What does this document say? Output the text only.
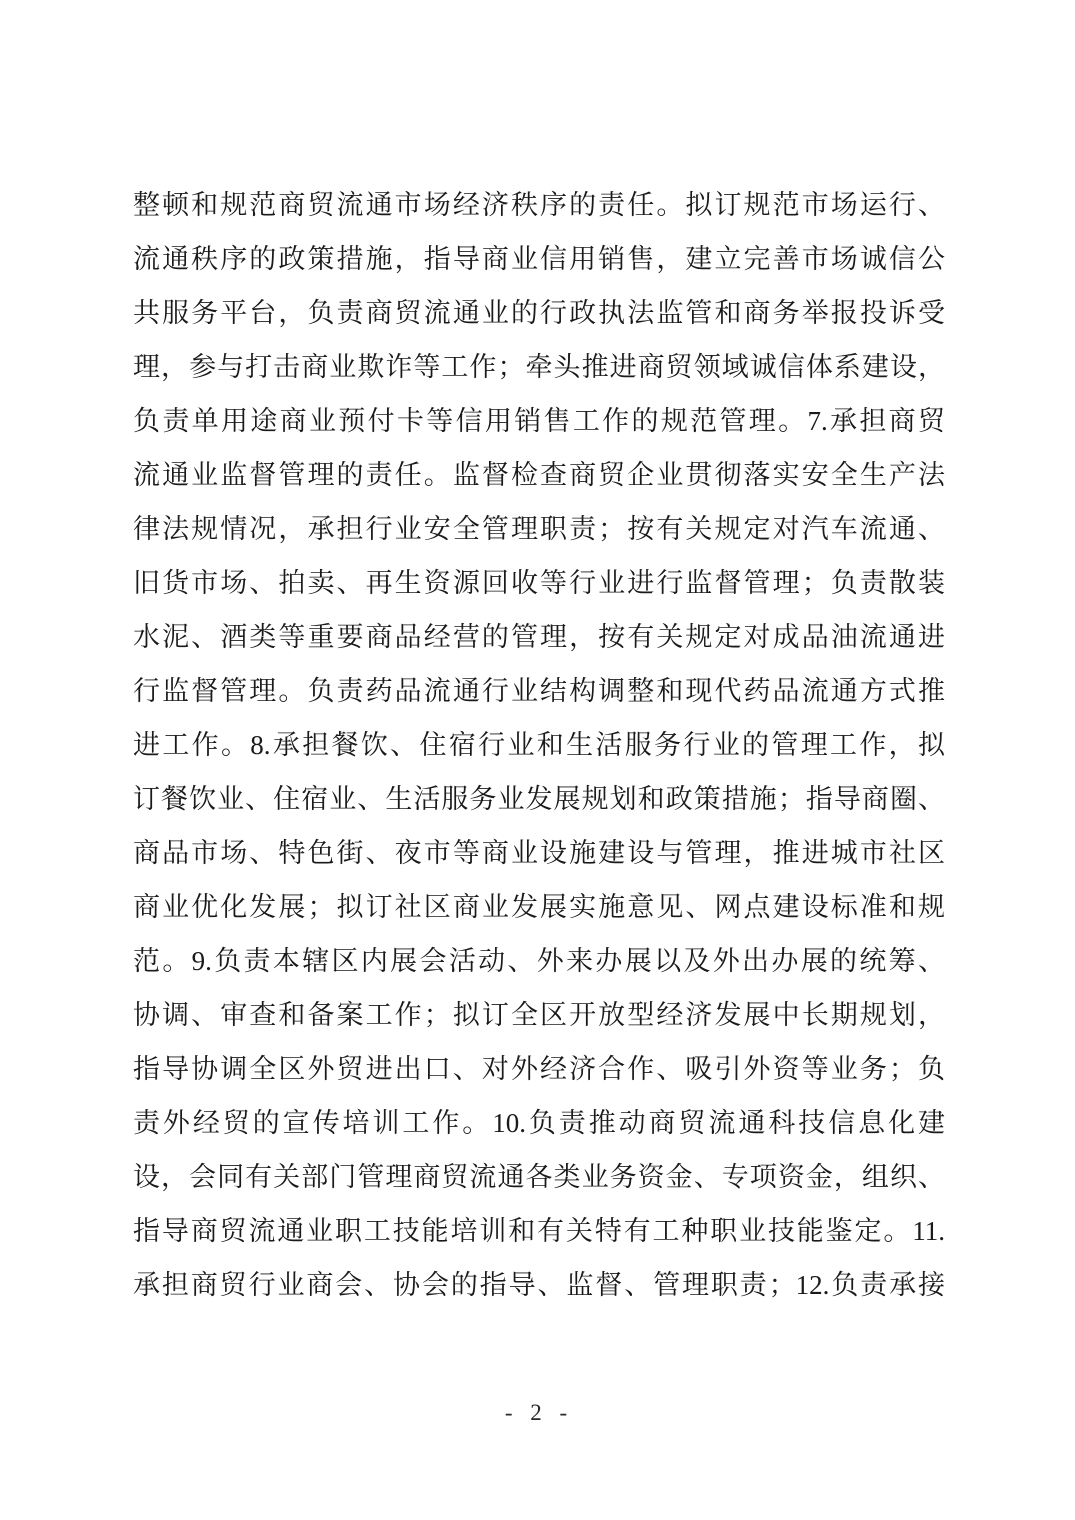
整顿和规范商贸流通市场经济秩序的责任。拟订规范市场运行、

流通秩序的政策措施，指导商业信用销售，建立完善市场诚信公

共服务平台，负责商贸流通业的行政执法监管和商务举报投诉受

理，参与打击商业欺诈等工作；牵头推进商贸领域诚信体系建设，

负责单用途商业预付卡等信用销售工作的规范管理。7.承担商贸

流通业监督管理的责任。监督检查商贸企业贯彻落实安全生产法

律法规情况，承担行业安全管理职责；按有关规定对汽车流通、

旧货市场、拍卖、再生资源回收等行业进行监督管理；负责散装

水泥、酒类等重要商品经营的管理，按有关规定对成品油流通进

行监督管理。负责药品流通行业结构调整和现代药品流通方式推

进工作。8.承担餐饮、住宿行业和生活服务行业的管理工作，拟

订餐饮业、住宿业、生活服务业发展规划和政策措施；指导商圈、

商品市场、特色街、夜市等商业设施建设与管理，推进城市社区

商业优化发展；拟订社区商业发展实施意见、网点建设标准和规

范。9.负责本辖区内展会活动、外来办展以及外出办展的统筹、

协调、审查和备案工作；拟订全区开放型经济发展中长期规划，

指导协调全区外贸进出口、对外经济合作、吸引外资等业务；负

责外经贸的宣传培训工作。10.负责推动商贸流通科技信息化建

设，会同有关部门管理商贸流通各类业务资金、专项资金，组织、

指导商贸流通业职工技能培训和有关特有工种职业技能鉴定。11.

承担商贸行业商会、协会的指导、监督、管理职责；12.负责承接

- 2 -
